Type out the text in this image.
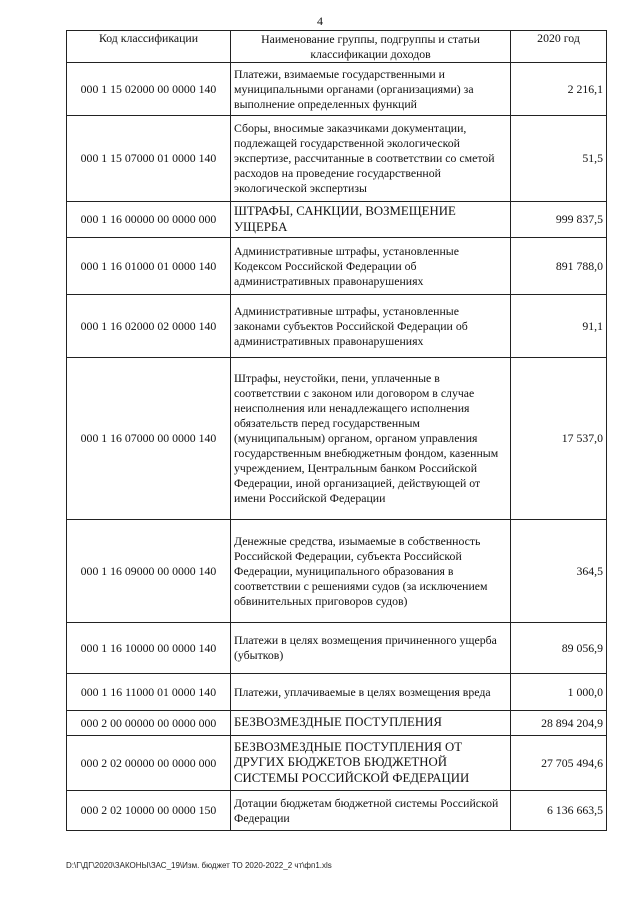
4
Код классификации	Наименование группы, подгруппы и статьи классификации доходов	2020 год
000 1 15 02000 00 0000 140	Платежи, взимаемые государственными и муниципальными органами (организациями) за выполнение определенных функций	2 216,1
000 1 15 07000 01 0000 140	Сборы, вносимые заказчиками документации, подлежащей государственной экологической экспертизе, рассчитанные в соответствии со сметой расходов на проведение государственной экологической экспертизы	51,5
000 1 16 00000 00 0000 000	ШТРАФЫ, САНКЦИИ, ВОЗМЕЩЕНИЕ УЩЕРБА	999 837,5
000 1 16 01000 01 0000 140	Административные штрафы, установленные Кодексом Российской Федерации об административных правонарушениях	891 788,0
000 1 16 02000 02 0000 140	Административные штрафы, установленные законами субъектов Российской Федерации об административных правонарушениях	91,1
000 1 16 07000 00 0000 140	Штрафы, неустойки, пени, уплаченные в соответствии с законом или договором в случае неисполнения или ненадлежащего исполнения обязательств перед государственным (муниципальным) органом, органом управления государственным внебюджетным фондом, казенным учреждением, Центральным банком Российской Федерации, иной организацией, действующей от имени Российской Федерации	17 537,0
000 1 16 09000 00 0000 140	Денежные средства, изымаемые в собственность Российской Федерации, субъекта Российской Федерации, муниципального образования в соответствии с решениями судов (за исключением обвинительных приговоров судов)	364,5
000 1 16 10000 00 0000 140	Платежи в целях возмещения причиненного ущерба (убытков)	89 056,9
000 1 16 11000 01 0000 140	Платежи, уплачиваемые в целях возмещения вреда	1 000,0
000 2 00 00000 00 0000 000	БЕЗВОЗМЕЗДНЫЕ ПОСТУПЛЕНИЯ	28 894 204,9
000 2 02 00000 00 0000 000	БЕЗВОЗМЕЗДНЫЕ ПОСТУПЛЕНИЯ ОТ ДРУГИХ БЮДЖЕТОВ БЮДЖЕТНОЙ СИСТЕМЫ РОССИЙСКОЙ ФЕДЕРАЦИИ	27 705 494,6
000 2 02 10000 00 0000 150	Дотации бюджетам бюджетной системы Российской Федерации	6 136 663,5
D:\Г\ДГ\2020\ЗАКОНЫ\ЗАС_19\Изм. бюджет ТО 2020-2022_2 чт\фп1.xls
